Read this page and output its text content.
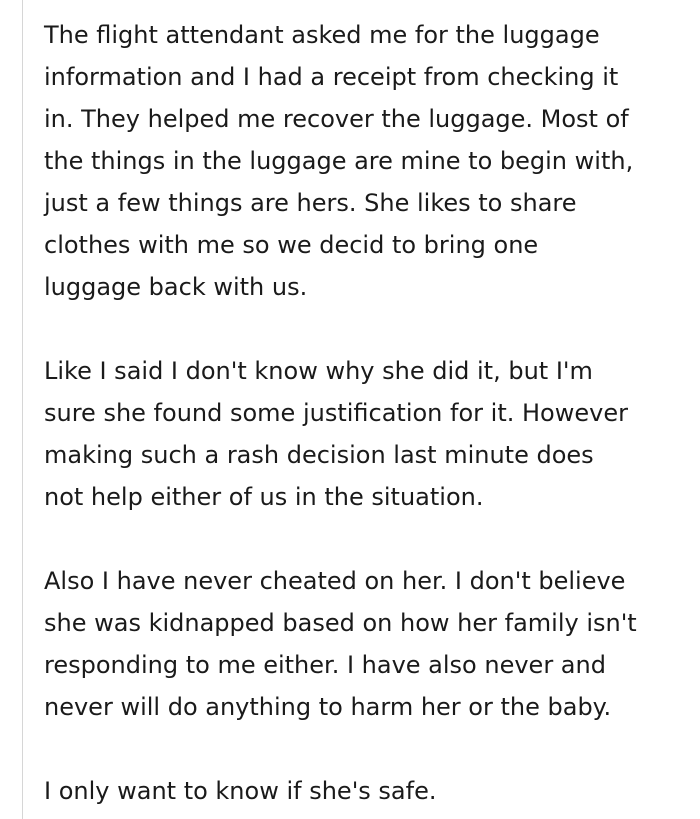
The flight attendant asked me for the luggage
information and I had a receipt from checking it
in. They helped me recover the luggage. Most of
the things in the luggage are mine to begin with,
just a few things are hers. She likes to share
clothes with me so we decid to bring one
luggage back with us.

Like I said I don't know why she did it, but I'm
sure she found some justification for it. However
making such a rash decision last minute does
not help either of us in the situation.

Also I have never cheated on her. I don't believe
she was kidnapped based on how her family isn't
responding to me either. I have also never and
never will do anything to harm her or the baby.

I only want to know if she's safe.
